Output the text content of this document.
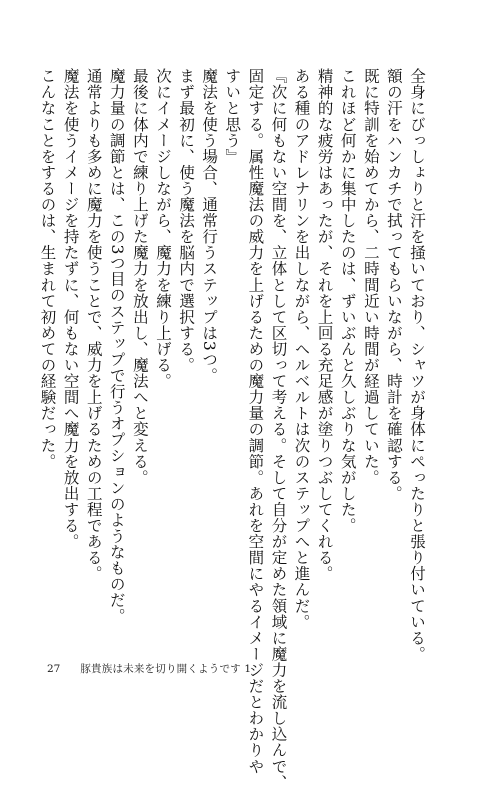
全身にびっしょりと汗を掻いており、シャツが身体にぺったりと張り付いている。
額の汗をハンカチで拭ってもらいながら、時計を確認する。
既に特訓を始めてから、二時間近い時間が経過していた。
これほど何かに集中したのは、ずいぶんと久しぶりな気がした。
精神的な疲労はあったが、それを上回る充足感が塗りつぶしてくれる。
ある種のアドレナリンを出しながら、ヘルベルトは次のステップへと進んだ。
『次に何もない空間を、立体として区切って考える。そして自分が定めた領域に魔力を流し込んで、
固定する。属性魔法の威力を上げるための魔力量の調節。あれを空間にやるイメージだとわかりや
すいと思う』
魔法を使う場合、通常行うステップは3つ。
まず最初に、使う魔法を脳内で選択する。
次にイメージしながら、魔力を練り上げる。
最後に体内で練り上げた魔力を放出し、魔法へと変える。
魔力量の調節とは、この3つ目のステップで行うオプションのようなものだ。
通常よりも多めに魔力を使うことで、威力を上げるための工程である。
魔法を使うイメージを持たずに、何もない空間へ魔力を放出する。
こんなことをするのは、生まれて初めての経験だった。
27 豚貴族は未来を切り開くようです 1
